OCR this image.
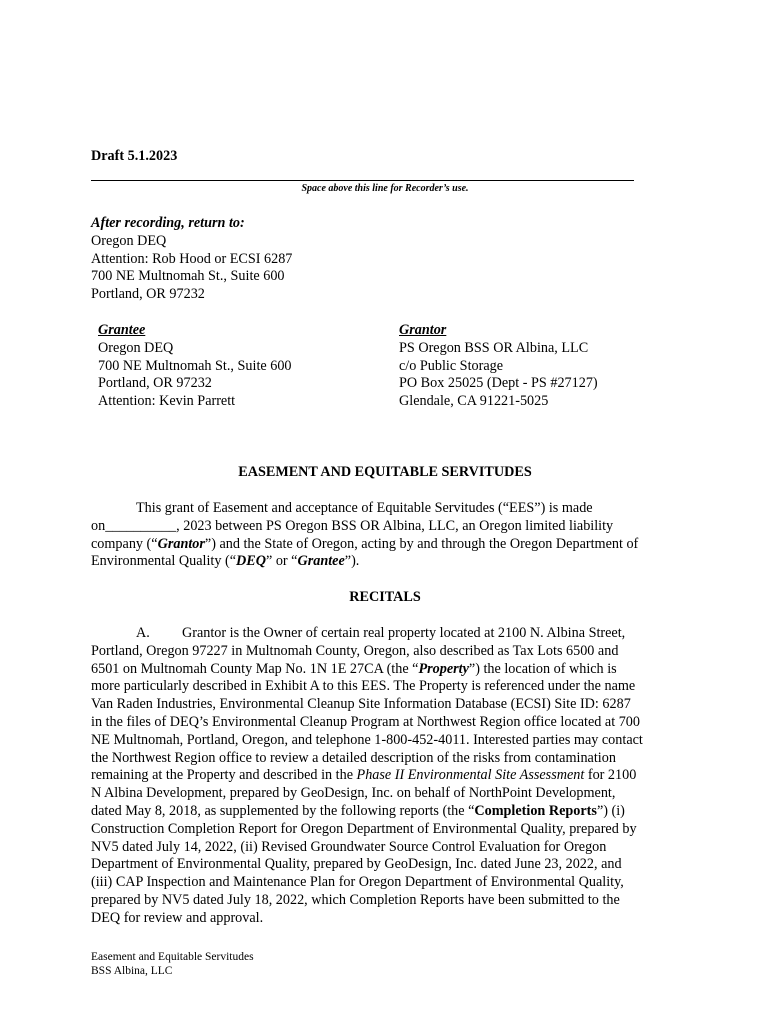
Draft 5.1.2023
Space above this line for Recorder’s use.
After recording, return to:
Oregon DEQ
Attention: Rob Hood or ECSI 6287
700 NE Multnomah St., Suite 600
Portland, OR 97232
Grantee
Oregon DEQ
700 NE Multnomah St., Suite 600
Portland, OR 97232
Attention: Kevin Parrett
Grantor
PS Oregon BSS OR Albina, LLC
c/o Public Storage
PO Box 25025 (Dept - PS #27127)
Glendale, CA 91221-5025
EASEMENT AND EQUITABLE SERVITUDES
This grant of Easement and acceptance of Equitable Servitudes (“EES”) is made
on__________, 2023 between PS Oregon BSS OR Albina, LLC, an Oregon limited liability
company (“Grantor”) and the State of Oregon, acting by and through the Oregon Department of
Environmental Quality (“DEQ” or “Grantee”).
RECITALS
A. Grantor is the Owner of certain real property located at 2100 N. Albina Street,
Portland, Oregon 97227 in Multnomah County, Oregon, also described as Tax Lots 6500 and
6501 on Multnomah County Map No. 1N 1E 27CA (the “Property”) the location of which is
more particularly described in Exhibit A to this EES. The Property is referenced under the name
Van Raden Industries, Environmental Cleanup Site Information Database (ECSI) Site ID: 6287
in the files of DEQ’s Environmental Cleanup Program at Northwest Region office located at 700
NE Multnomah, Portland, Oregon, and telephone 1-800-452-4011. Interested parties may contact
the Northwest Region office to review a detailed description of the risks from contamination
remaining at the Property and described in the Phase II Environmental Site Assessment for 2100
N Albina Development, prepared by GeoDesign, Inc. on behalf of NorthPoint Development,
dated May 8, 2018, as supplemented by the following reports (the “Completion Reports”) (i)
Construction Completion Report for Oregon Department of Environmental Quality, prepared by
NV5 dated July 14, 2022, (ii) Revised Groundwater Source Control Evaluation for Oregon
Department of Environmental Quality, prepared by GeoDesign, Inc. dated June 23, 2022, and
(iii) CAP Inspection and Maintenance Plan for Oregon Department of Environmental Quality,
prepared by NV5 dated July 18, 2022, which Completion Reports have been submitted to the
DEQ for review and approval.
Easement and Equitable Servitudes
BSS Albina, LLC
